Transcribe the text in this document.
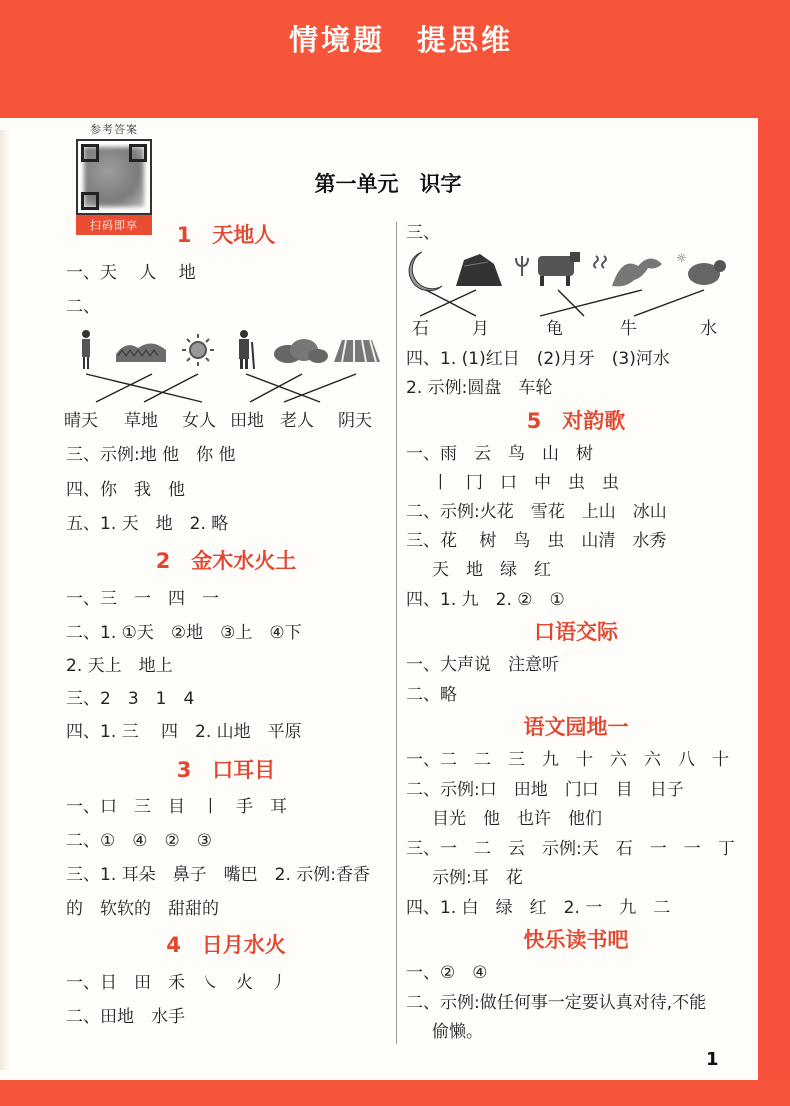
情境题　提思维
参考答案
扫码即享
第一单元　识字
1　天地人
一、天　 人　 地
二、
晴天 草地 女人 田地 老人 阴天
三、示例:地 他　你 他
四、你　我　他
五、1. 天　地　2. 略
2　金木水火土
一、三　一　四　一
二、1. ①天　②地　③上　④下
2. 天上　地上
三、2　3　1　4
四、1. 三　 四　2. 山地　平原
3　口耳目
一、口　三　目　丨　手　耳
二、①　④　②　③
三、1. 耳朵　鼻子　嘴巴　2. 示例:香香
的　软软的　甜甜的
4　日月水火
一、日　田　禾　㇏　火　丿
二、田地　水手
三、
☼
石	月	龟	牛	水
四、1. (1)红日　(2)月牙　(3)河水
2. 示例:圆盘　车轮
5　对韵歌
一、雨　云　鸟　山　树
丨　冂　口　中　虫　虫
二、示例:火花　雪花　上山　冰山
三、花　 树　鸟　虫　山清　水秀
天　地　绿　红
四、1. 九　2. ②　①
口语交际
一、大声说　注意听
二、略
语文园地一
一、二　二　三　九　十　六　六　八　十
二、示例:口　田地　门口　目　日子
目光　他　也许　他们
三、一　二　云　示例:天　石　一　一　丁
示例:耳　花
四、1. 白　绿　红　2. 一　九　二
快乐读书吧
一、②　④
二、示例:做任何事一定要认真对待,不能
偷懒。
1
